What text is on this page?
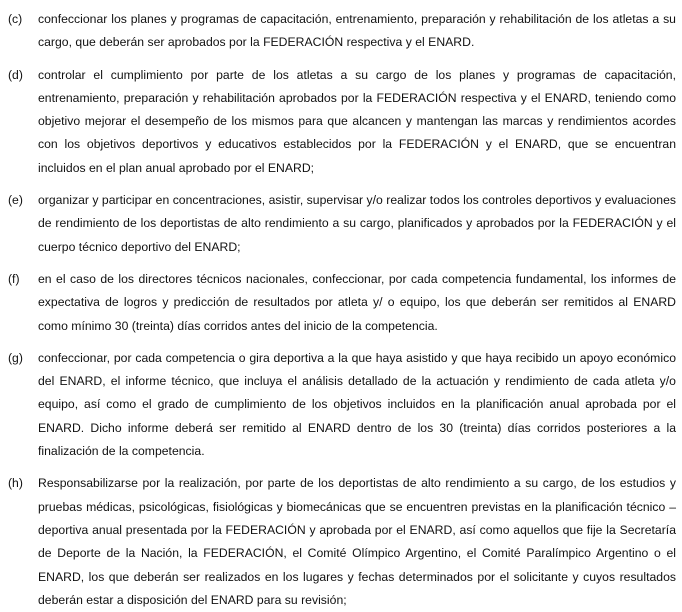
(c)	confeccionar los planes y programas de capacitación, entrenamiento, preparación y rehabilitación de los atletas a su cargo, que deberán ser aprobados por la FEDERACIÓN respectiva y el ENARD.
(d)	controlar el cumplimiento por parte de los atletas a su cargo de los planes y programas de capacitación, entrenamiento, preparación y rehabilitación aprobados por la FEDERACIÓN respectiva y el ENARD, teniendo como objetivo mejorar el desempeño de los mismos para que alcancen y mantengan las marcas y rendimientos acordes con los objetivos deportivos y educativos establecidos por la FEDERACIÓN y el ENARD, que se encuentran incluidos en el plan anual aprobado por el ENARD;
(e)	organizar y participar en concentraciones, asistir, supervisar y/o realizar todos los controles deportivos y evaluaciones de rendimiento de los deportistas de alto rendimiento a su cargo, planificados y aprobados por la FEDERACIÓN y el cuerpo técnico deportivo del ENARD;
(f)	en el caso de los directores técnicos nacionales, confeccionar, por cada competencia fundamental, los informes de expectativa de logros y predicción de resultados por atleta y/ o equipo, los que deberán ser remitidos al ENARD como mínimo 30 (treinta) días corridos antes del inicio de la competencia.
(g)	confeccionar, por cada competencia o gira deportiva a la que haya asistido y que haya recibido un apoyo económico del ENARD, el informe técnico, que incluya el análisis detallado de la actuación y rendimiento de cada atleta y/o equipo, así como el grado de cumplimiento de los objetivos incluidos en la planificación anual aprobada por el ENARD. Dicho informe deberá ser remitido al ENARD dentro de los 30 (treinta) días corridos posteriores a la finalización de la competencia.
(h)	Responsabilizarse por la realización, por parte de los deportistas de alto rendimiento a su cargo, de los estudios y pruebas médicas, psicológicas, fisiológicas y biomecánicas que se encuentren previstas en la planificación técnico – deportiva anual presentada por la FEDERACIÓN y aprobada por el ENARD, así como aquellos que fije la Secretaría de Deporte de la Nación, la FEDERACIÓN, el Comité Olímpico Argentino, el Comité Paralímpico Argentino o el ENARD, los que deberán ser realizados en los lugares y fechas determinados por el solicitante y cuyos resultados deberán estar a disposición del ENARD para su revisión;
